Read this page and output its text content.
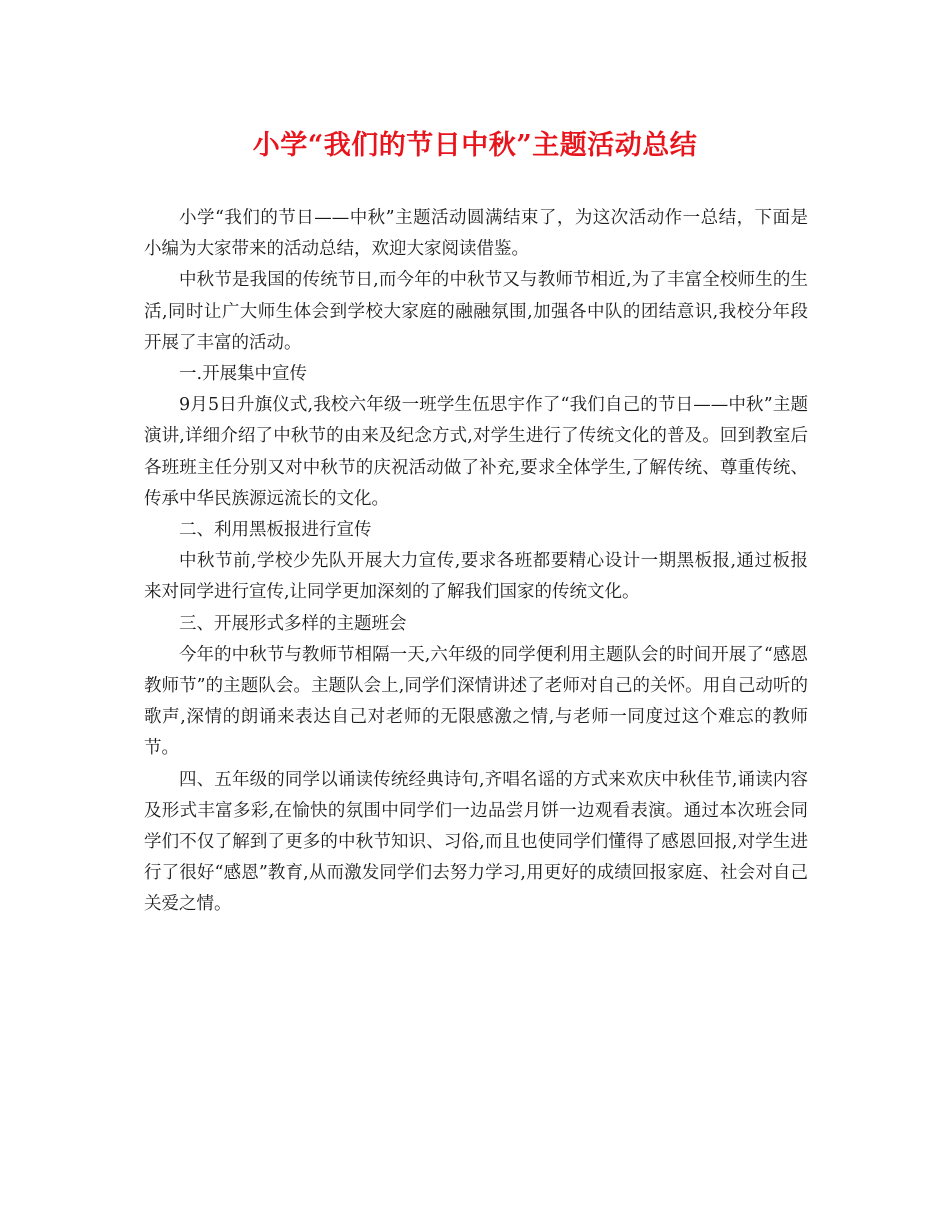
小学“我们的节日中秋”主题活动总结

小学“我们的节日——中秋”主题活动圆满结束了，为这次活动作一总结，下面是小编为大家带来的活动总结，欢迎大家阅读借鉴。

中秋节是我国的传统节日,而今年的中秋节又与教师节相近,为了丰富全校师生的生活,同时让广大师生体会到学校大家庭的融融氛围,加强各中队的团结意识,我校分年段开展了丰富的活动。

一.开展集中宣传

9月5日升旗仪式,我校六年级一班学生伍思宇作了“我们自己的节日——中秋”主题演讲,详细介绍了中秋节的由来及纪念方式,对学生进行了传统文化的普及。回到教室后各班班主任分别又对中秋节的庆祝活动做了补充,要求全体学生,了解传统、尊重传统、传承中华民族源远流长的文化。

二、利用黑板报进行宣传

中秋节前,学校少先队开展大力宣传,要求各班都要精心设计一期黑板报,通过板报来对同学进行宣传,让同学更加深刻的了解我们国家的传统文化。

三、开展形式多样的主题班会

今年的中秋节与教师节相隔一天,六年级的同学便利用主题队会的时间开展了“感恩教师节”的主题队会。主题队会上,同学们深情讲述了老师对自己的关怀。用自己动听的歌声,深情的朗诵来表达自己对老师的无限感激之情,与老师一同度过这个难忘的教师节。

四、五年级的同学以诵读传统经典诗句,齐唱名谣的方式来欢庆中秋佳节,诵读内容及形式丰富多彩,在愉快的氛围中同学们一边品尝月饼一边观看表演。通过本次班会同学们不仅了解到了更多的中秋节知识、习俗,而且也使同学们懂得了感恩回报,对学生进行了很好“感恩”教育,从而激发同学们去努力学习,用更好的成绩回报家庭、社会对自己关爱之情。
